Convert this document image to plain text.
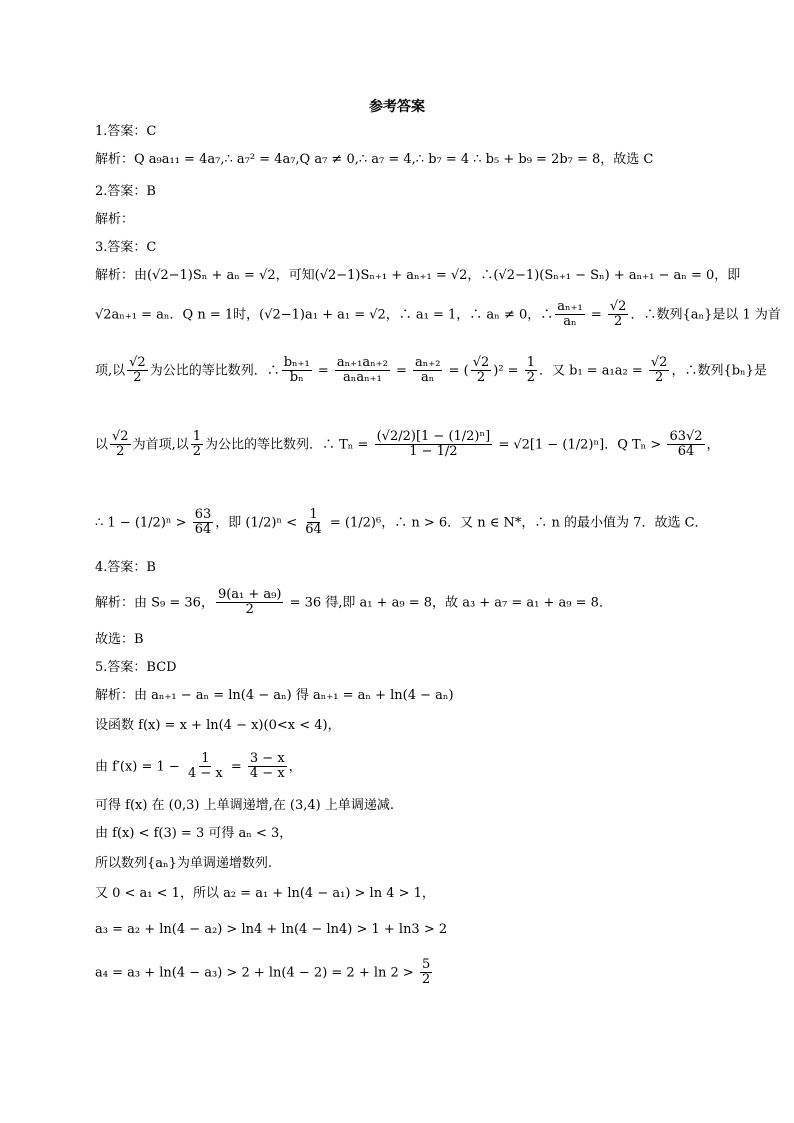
参考答案
1.答案：C
解析：Q a₉a₁₁ = 4a₇,∴ a₇² = 4a₇,Q a₇ ≠ 0,∴ a₇ = 4,∴ b₇ = 4 ∴ b₅ + b₉ = 2b₇ = 8，故选 C
2.答案：B
解析：
3.答案：C
解析：由(√2−1)Sₙ + aₙ = √2，可知(√2−1)Sₙ₊₁ + aₙ₊₁ = √2，∴(√2−1)(Sₙ₊₁ − Sₙ) + aₙ₊₁ − aₙ = 0，即
√2aₙ₊₁ = aₙ．Q n = 1时，(√2−1)a₁ + a₁ = √2，∴ a₁ = 1，∴ aₙ ≠ 0，∴ $\frac{\text{aₙ₊₁}}{\text{aₙ}} = \frac{√2}{2}$ ．∴数列{aₙ}是以 1 为首
项,以 $\frac{√2}{2}$ 为公比的等比数列．∴ $\frac{\text{bₙ₊₁}}{\text{bₙ}} = \frac{\text{aₙ₊₁aₙ₊₂}}{\text{aₙaₙ₊₁}} = \frac{\text{aₙ₊₂}}{\text{aₙ}}$ = ( $\frac{√2}{2} )^2 = \frac{1}{2}$ ．又 $b_1 = a_1a_2 = \frac{√2}{2}$ ，∴数列{bₙ}是
以 $\frac{√2}{2}$ 为首项,以 $\frac{1}{2}$ 为公比的等比数列．∴ $T_n = \frac{\text{(√2/2)[1 − (1/2)ⁿ]}}{1 - 1/2} = √2[1 - (1/2)^n]$．Q $T_n > \frac{63√2}{64}$ ，
∴ $1 - (1/2)^n > \frac{63}{64}$ ，即 $(1/2)^n < \frac{1}{64} = (1/2)^6$，∴ n > 6．又 n ∈ N*，∴ n 的最小值为 7．故选 C．
4.答案：B
解析：由 S₉ = 36， $\frac{\text{9(a₁ + a₉)}}{2} = 36$ 得,即 a₁ + a₉ = 8，故 a₃ + a₇ = a₁ + a₉ = 8．
故选：B
5.答案：BCD
解析：由 aₙ₊₁ − aₙ = ln(4 − aₙ) 得 aₙ₊₁ = aₙ + ln(4 − aₙ)
设函数 f(x) = x + ln(4 − x)(0<x < 4)，
由 $f'(x) = 1 - \frac{1}{4 - x} = \frac{3 - x}{4 - x}$ ，
可得 f(x) 在 (0,3) 上单调递增,在 (3,4) 上单调递减.
由 f(x) < f(3) = 3 可得 aₙ < 3，
所以数列{aₙ}为单调递增数列.
又 0 < a₁ < 1，所以 a₂ = a₁ + ln(4 − a₁) > ln 4 > 1，
a₃ = a₂ + ln(4 − a₂) > ln4 + ln(4 − ln4) > 1 + ln3 > 2
$a_4 = a_3 + \ln(4 - a_3) > 2 + \ln(4 - 2) = 2 + \ln 2 > \frac{5}{2}$
